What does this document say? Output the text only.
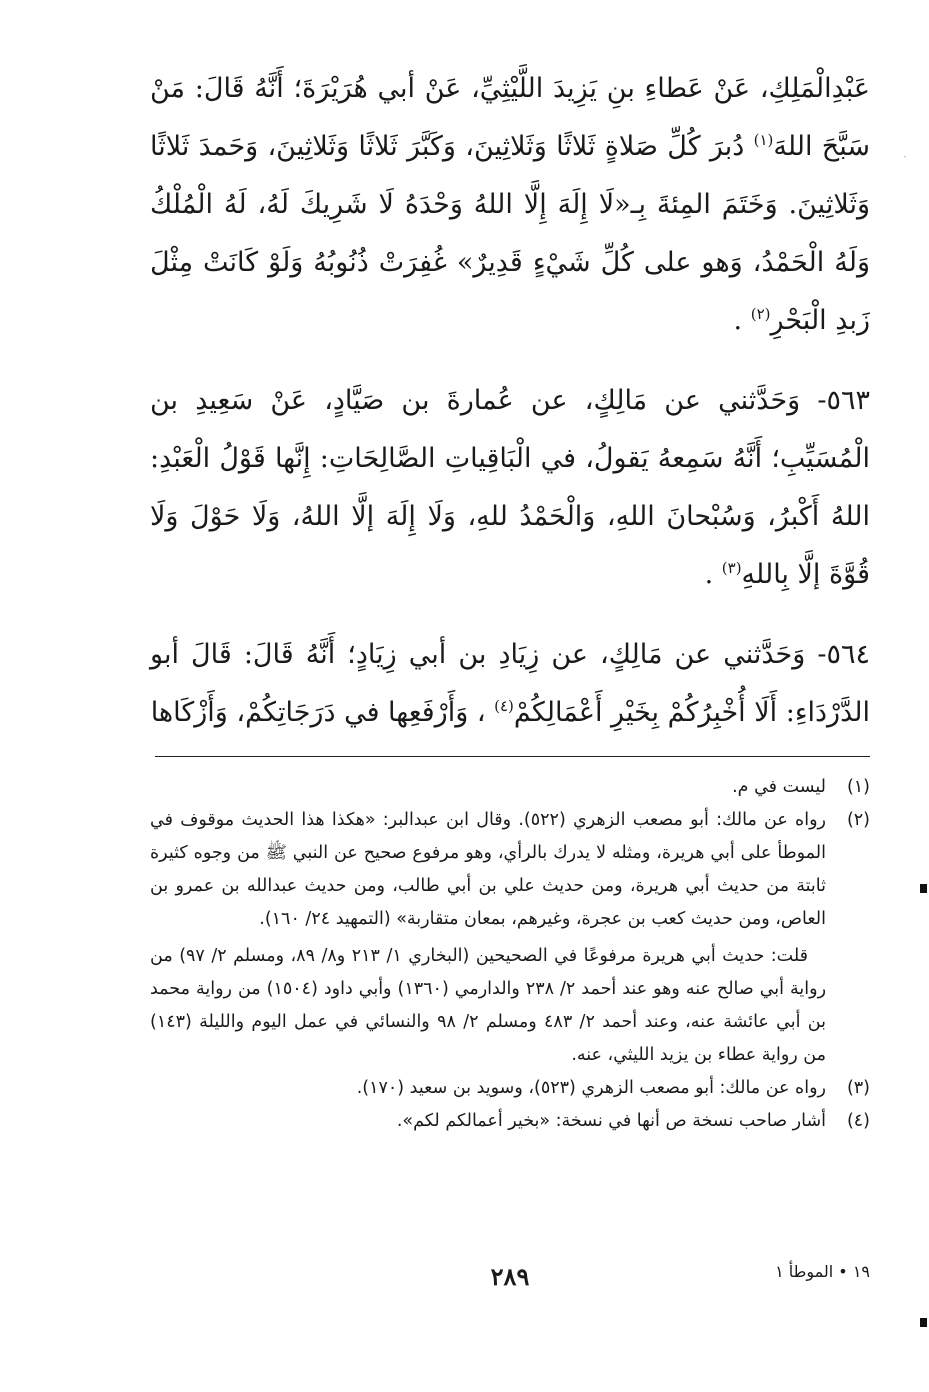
·

عَبْدِالْمَلِكِ، عَنْ عَطاءِ بنِ يَزِيدَ اللَّيْثِيِّ، عَنْ أبي هُرَيْرَةَ؛ أَنَّهُ قَالَ: مَنْ سَبَّحَ اللهَ$^{(١)}$ دُبرَ كُلِّ صَلاةٍ ثَلاثًا وَثَلاثِينَ، وَكَبَّرَ ثَلاثًا وَثَلاثِينَ، وَحَمدَ ثَلاثًا وَثَلاثِينَ. وَخَتَمَ المِئةَ بِـ«لَا إِلَهَ إِلَّا اللهُ وَحْدَهُ لَا شَرِيكَ لَهُ، لَهُ الْمُلْكُ وَلَهُ الْحَمْدُ، وَهو على كُلِّ شَيْءٍ قَدِيرٌ» غُفِرَتْ ذُنُوبُهُ وَلَوْ كَانَتْ مِثْلَ زَبدِ الْبَحْرِ$^{(٢)}$ .

٥٦٣- وَحَدَّثني عن مَالِكٍ، عن عُمارةَ بن صَيَّادٍ، عَنْ سَعِيدِ بن الْمُسَيِّبِ؛ أَنَّهُ سَمِعهُ يَقولُ، في الْبَاقِياتِ الصَّالِحَاتِ: إِنَّها قَوْلُ الْعَبْدِ: اللهُ أَكْبرُ، وَسُبْحانَ اللهِ، وَالْحَمْدُ للهِ، وَلَا إِلَهَ إلَّا اللهُ، وَلَا حَوْلَ وَلَا قُوَّةَ إلَّا بِاللهِ$^{(٣)}$ .

٥٦٤- وَحَدَّثني عن مَالِكٍ، عن زِيَادِ بن أبي زِيَادٍ؛ أَنَّهُ قَالَ: قَالَ أبو الدَّرْدَاءِ: أَلَا أُخْبِرُكُمْ بِخَيْرِ أَعْمَالِكُمْ$^{(٤)}$ ، وَأَرْفَعِها في دَرَجَاتِكُمْ، وَأَزْكَاها

(١)

ليست في م.

(٢)

رواه عن مالك: أبو مصعب الزهري (٥٢٢). وقال ابن عبدالبر: «هكذا هذا الحديث موقوف في الموطأ على أبي هريرة، ومثله لا يدرك بالرأي، وهو مرفوع صحيح عن النبي ﷺ من وجوه كثيرة ثابتة من حديث أبي هريرة، ومن حديث علي بن أبي طالب، ومن حديث عبدالله بن عمرو بن العاص، ومن حديث كعب بن عجرة، وغيرهم، بمعان متقاربة» (التمهيد ٢٤/ ١٦٠).

قلت: حديث أبي هريرة مرفوعًا في الصحيحين (البخاري ١/ ٢١٣ و٨/ ٨٩، ومسلم ٢/ ٩٧) من رواية أبي صالح عنه وهو عند أحمد ٢/ ٢٣٨ والدارمي (١٣٦٠) وأبي داود (١٥٠٤) من رواية محمد بن أبي عائشة عنه، وعند أحمد ٢/ ٤٨٣ ومسلم ٢/ ٩٨ والنسائي في عمل اليوم والليلة (١٤٣) من رواية عطاء بن يزيد الليثي، عنه.

(٣)

رواه عن مالك: أبو مصعب الزهري (٥٢٣)، وسويد بن سعيد (١٧٠).

(٤)

أشار صاحب نسخة ص أنها في نسخة: «بخير أعمالكم لكم».

١٩ • الموطأ ١
٢٨٩
